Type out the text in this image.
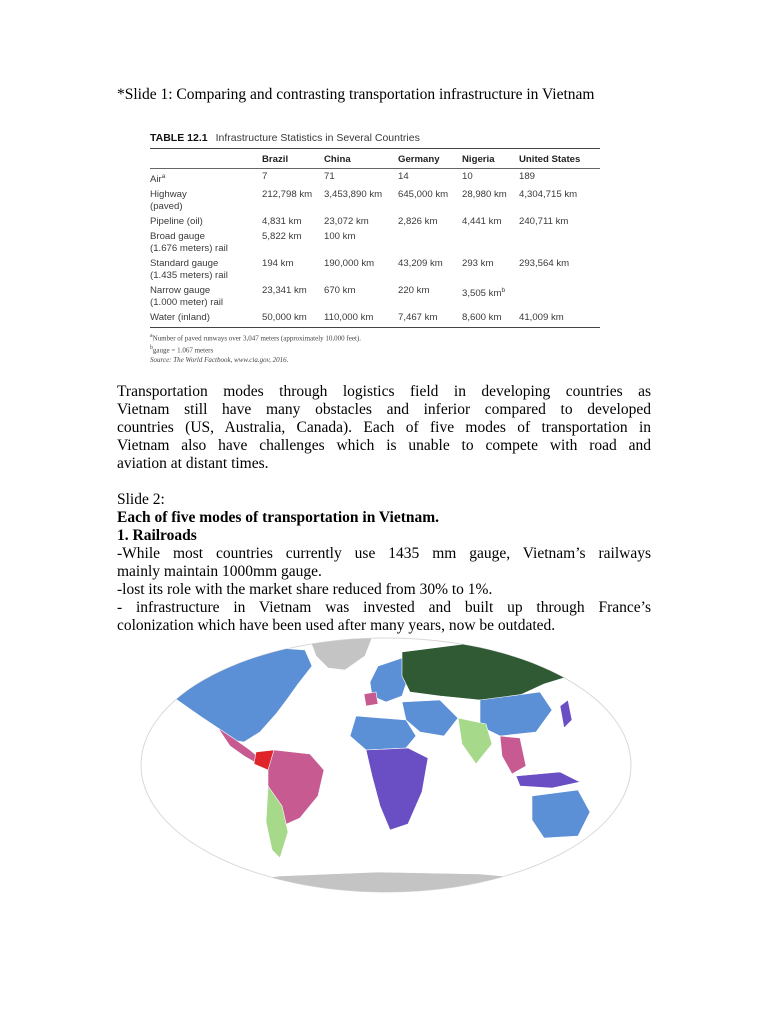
*Slide 1: Comparing and contrasting transportation infrastructure in Vietnam
TABLE 12.1 Infrastructure Statistics in Several Countries
	Brazil	China	Germany	Nigeria	United States
Air$^a$	7	71	14	10	189
Highway
(paved)	212,798 km	3,453,890 km	645,000 km	28,980 km	4,304,715 km
Pipeline (oil)	4,831 km	23,072 km	2,826 km	4,441 km	240,711 km
Broad gauge
(1.676 meters) rail	5,822 km	100 km			
Standard gauge
(1.435 meters) rail	194 km	190,000 km	43,209 km	293 km	293,564 km
Narrow gauge
(1.000 meter) rail	23,341 km	670 km	220 km	3,505 $km^b$	
Water (inland)	50,000 km	110,000 km	7,467 km	8,600 km	41,009 km
$^a$Number of paved runways over 3,047 meters (approximately 10,000 feet).
$^b$gauge = 1.067 meters
Source: The World Factbook, www.cia.gov, 2016.
Transportation modes through logistics field in developing countries as
Vietnam still have many obstacles and inferior compared to developed
countries (US, Australia, Canada). Each of five modes of transportation in
Vietnam also have challenges which is unable to compete with road and
aviation at distant times.
Slide 2:
Each of five modes of transportation in Vietnam.
1. Railroads
-While most countries currently use 1435 mm gauge, Vietnam’s railways
mainly maintain 1000mm gauge.
-lost its role with the market share reduced from 30% to 1%.
- infrastructure in Vietnam was invested and built up through France’s
colonization which have been used after many years, now be outdated.
